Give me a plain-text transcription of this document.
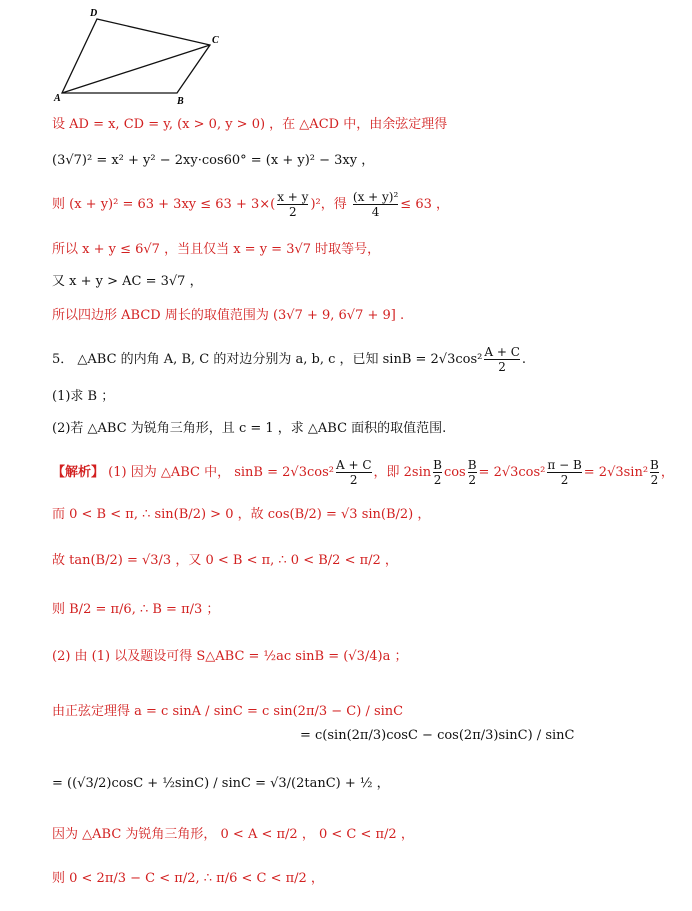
D
C
A	B
设 AD = x, CD = y, (x > 0, y > 0) ，在 △ACD 中，由余弦定理得
(3√7)² = x² + y² − 2xy·cos60° = (x + y)² − 3xy ，
则 $(x + y)^2 = 63 + 3xy \le 63 + 3\times( \frac{x + y}{2} )^2$，得 $\frac{\text{(x + y)²}}{4} \le 63$ ，
所以 x + y ≤ 6√7 ，当且仅当 x = y = 3√7 时取等号，
又 x + y > AC = 3√7 ，
所以四边形 ABCD 周长的取值范围为 (3√7 + 9, 6√7 + 9] .
5． △ABC 的内角 A, B, C 的对边分别为 a, b, c ，已知 $\sin B = 2√3\cos^2 \frac{A + C}{2}$ .
(1)求 B ；
(2)若 △ABC 为锐角三角形，且 c = 1 ，求 △ABC 面积的取值范围.
【解析】 (1) 因为 △ABC 中， $\sin B = 2√3\cos^2 \frac{A + C}{2}$ ，即 $2\sin \frac{B}{2}$ $\cos \frac{B}{2} = 2√3\cos^2 \frac{\pi - B}{2} = 2√3\sin^2 \frac{B}{2}$ ，
而 0 < B < π, ∴ sin(B/2) > 0 ，故 cos(B/2) = √3 sin(B/2) ，
故 tan(B/2) = √3/3 ，又 0 < B < π, ∴ 0 < B/2 < π/2 ，
则 B/2 = π/6, ∴ B = π/3 ；
(2) 由 (1) 以及题设可得 S△ABC = ½ac sinB = (√3/4)a ；
由正弦定理得 a = c sinA / sinC = c sin(2π/3 − C) / sinC
= c(sin(2π/3)cosC − cos(2π/3)sinC) / sinC
= ((√3/2)cosC + ½sinC) / sinC = √3/(2tanC) + ½ ，
因为 △ABC 为锐角三角形， 0 < A < π/2 ， 0 < C < π/2 ，
则 0 < 2π/3 − C < π/2, ∴ π/6 < C < π/2 ，
